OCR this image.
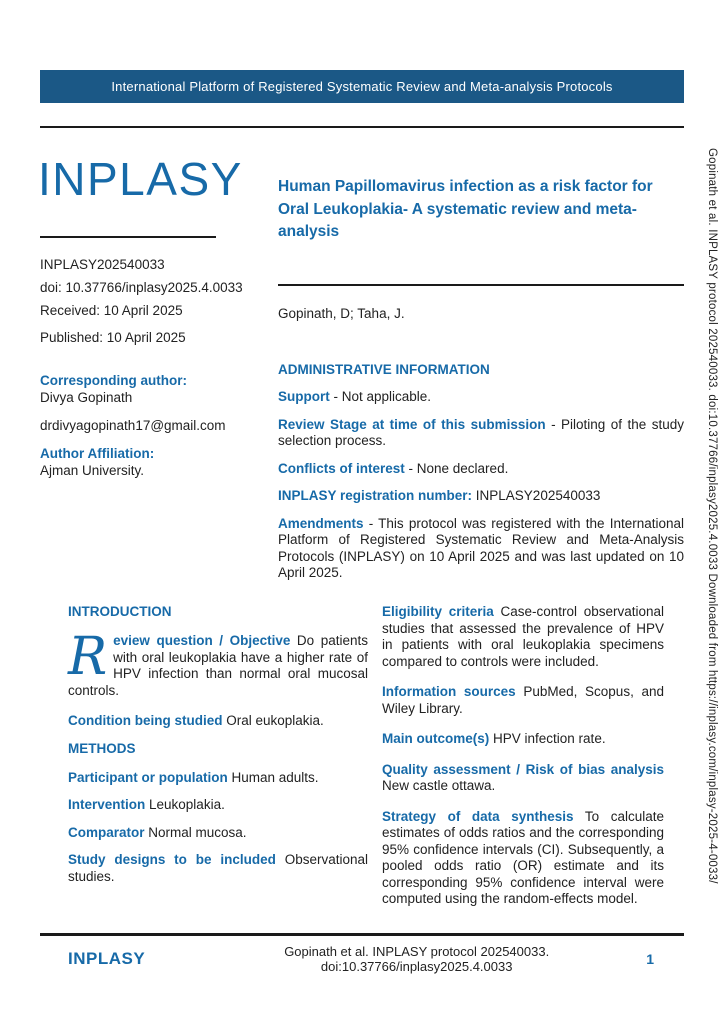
International Platform of Registered Systematic Review and Meta-analysis Protocols
INPLASY
INPLASY202540033
doi: 10.37766/inplasy2025.4.0033
Received: 10 April 2025
Published: 10 April 2025
Corresponding author:
Divya Gopinath
drdivyagopinath17@gmail.com
Author Affiliation:
Ajman University.
Human Papillomavirus infection as a risk factor for Oral Leukoplakia- A systematic review and meta-analysis
Gopinath, D; Taha, J.
ADMINISTRATIVE INFORMATION

Support - Not applicable.

Review Stage at time of this submission - Piloting of the study selection process.

Conflicts of interest - None declared.

INPLASY registration number: INPLASY202540033

Amendments - This protocol was registered with the International Platform of Registered Systematic Review and Meta-Analysis Protocols (INPLASY) on 10 April 2025 and was last updated on 10 April 2025.

INTRODUCTION

Review question / Objective Do patients with oral leukoplakia have a higher rate of HPV infection than normal oral mucosal controls.

Condition being studied Oral eukoplakia.

METHODS

Participant or population Human adults.

Intervention Leukoplakia.

Comparator Normal mucosa.

Study designs to be included Observational studies.

Eligibility criteria Case-control observational studies that assessed the prevalence of HPV in patients with oral leukoplakia specimens compared to controls were included.

Information sources PubMed, Scopus, and Wiley Library.

Main outcome(s) HPV infection rate.

Quality assessment / Risk of bias analysis New castle ottawa.

Strategy of data synthesis To calculate estimates of odds ratios and the corresponding 95% confidence intervals (CI). Subsequently, a pooled odds ratio (OR) estimate and its corresponding 95% confidence interval were computed using the random-effects model.

INPLASY	Gopinath et al. INPLASY protocol 202540033. doi:10.37766/inplasy2025.4.0033	1
Gopinath et al. INPLASY protocol 202540033. doi:10.37766/inplasy2025.4.0033 Downloaded from https://inplasy.com/inplasy-2025-4-0033/
